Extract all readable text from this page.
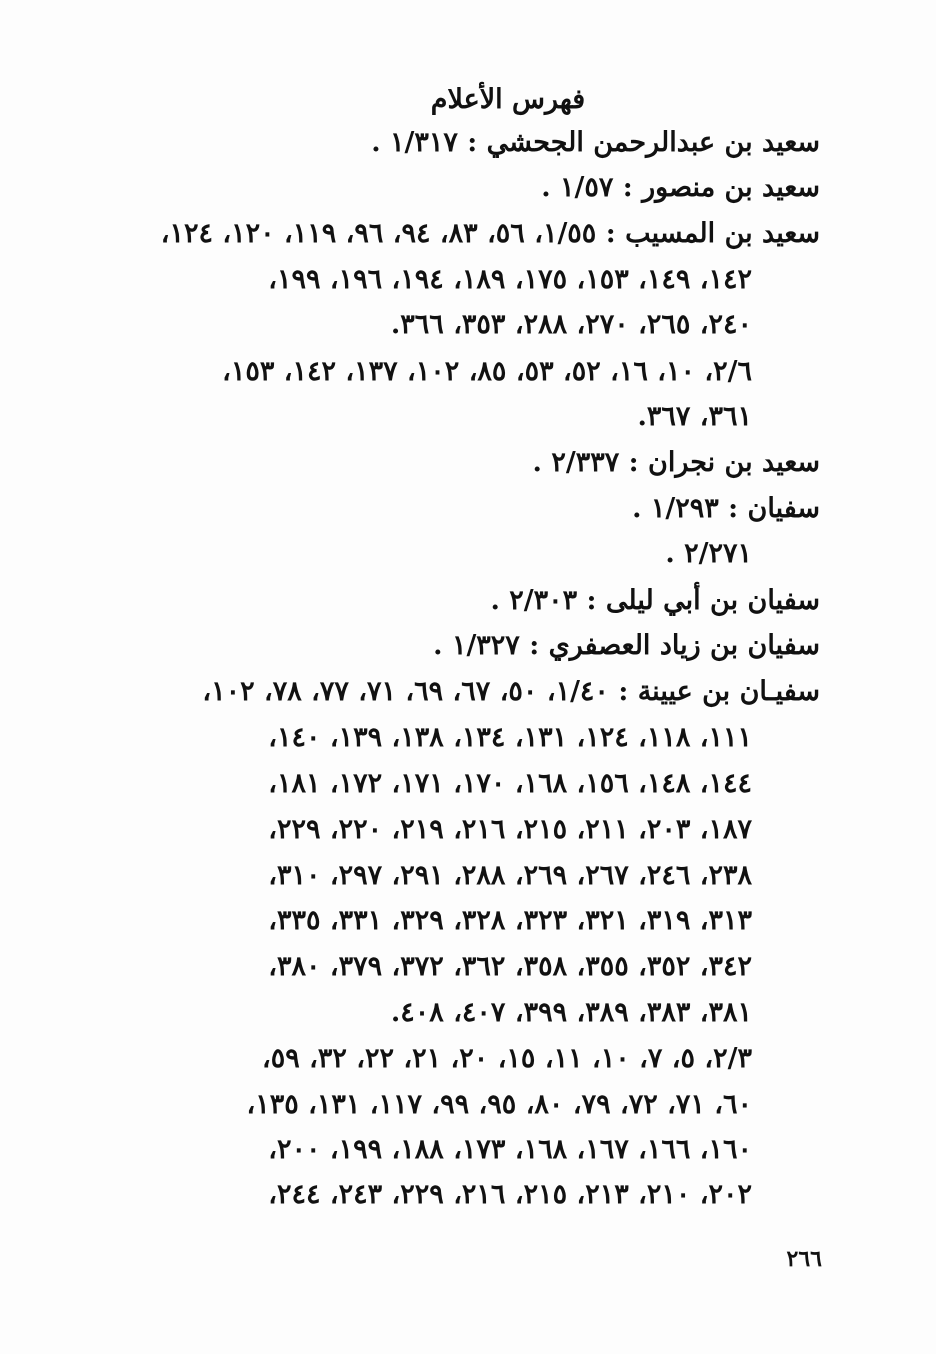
فهرس الأعلام
سعيد بن عبدالرحمن الجحشي : ١/٣١٧ .
سعيد بن منصور : ١/٥٧ .
سعيد بن المسيب : ١/٥٥، ٥٦، ٨٣، ٩٤، ٩٦، ١١٩، ١٢٠، ١٢٤،
١٤٢، ١٤٩، ١٥٣، ١٧٥، ١٨٩، ١٩٤، ١٩٦، ١٩٩،
٢٤٠، ٢٦٥، ٢٧٠، ٢٨٨، ٣٥٣، ٣٦٦.
٢/٦، ١٠، ١٦، ٥٢، ٥٣، ٨٥، ١٠٢، ١٣٧، ١٤٢، ١٥٣،
٣٦١، ٣٦٧.
سعيد بن نجران : ٢/٣٣٧ .
سفيان : ١/٢٩٣ .
٢/٢٧١ .
سفيان بن أبي ليلى : ٢/٣٠٣ .
سفيان بن زياد العصفري : ١/٣٢٧ .
سفيـان بن عيينة : ١/٤٠، ٥٠، ٦٧، ٦٩، ٧١، ٧٧، ٧٨، ١٠٢،
١١١، ١١٨، ١٢٤، ١٣١، ١٣٤، ١٣٨، ١٣٩، ١٤٠،
١٤٤، ١٤٨، ١٥٦، ١٦٨، ١٧٠، ١٧١، ١٧٢، ١٨١،
١٨٧، ٢٠٣، ٢١١، ٢١٥، ٢١٦، ٢١٩، ٢٢٠، ٢٢٩،
٢٣٨، ٢٤٦، ٢٦٧، ٢٦٩، ٢٨٨، ٢٩١، ٢٩٧، ٣١٠،
٣١٣، ٣١٩، ٣٢١، ٣٢٣، ٣٢٨، ٣٢٩، ٣٣١، ٣٣٥،
٣٤٢، ٣٥٢، ٣٥٥، ٣٥٨، ٣٦٢، ٣٧٢، ٣٧٩، ٣٨٠،
٣٨١، ٣٨٣، ٣٨٩، ٣٩٩، ٤٠٧، ٤٠٨.
٢/٣، ٥، ٧، ١٠، ١١، ١٥، ٢٠، ٢١، ٢٢، ٣٢، ٥٩،
٦٠، ٧١، ٧٢، ٧٩، ٨٠، ٩٥، ٩٩، ١١٧، ١٣١، ١٣٥،
١٦٠، ١٦٦، ١٦٧، ١٦٨، ١٧٣، ١٨٨، ١٩٩، ٢٠٠،
٢٠٢، ٢١٠، ٢١٣، ٢١٥، ٢١٦، ٢٢٩، ٢٤٣، ٢٤٤،
٢٦٦
